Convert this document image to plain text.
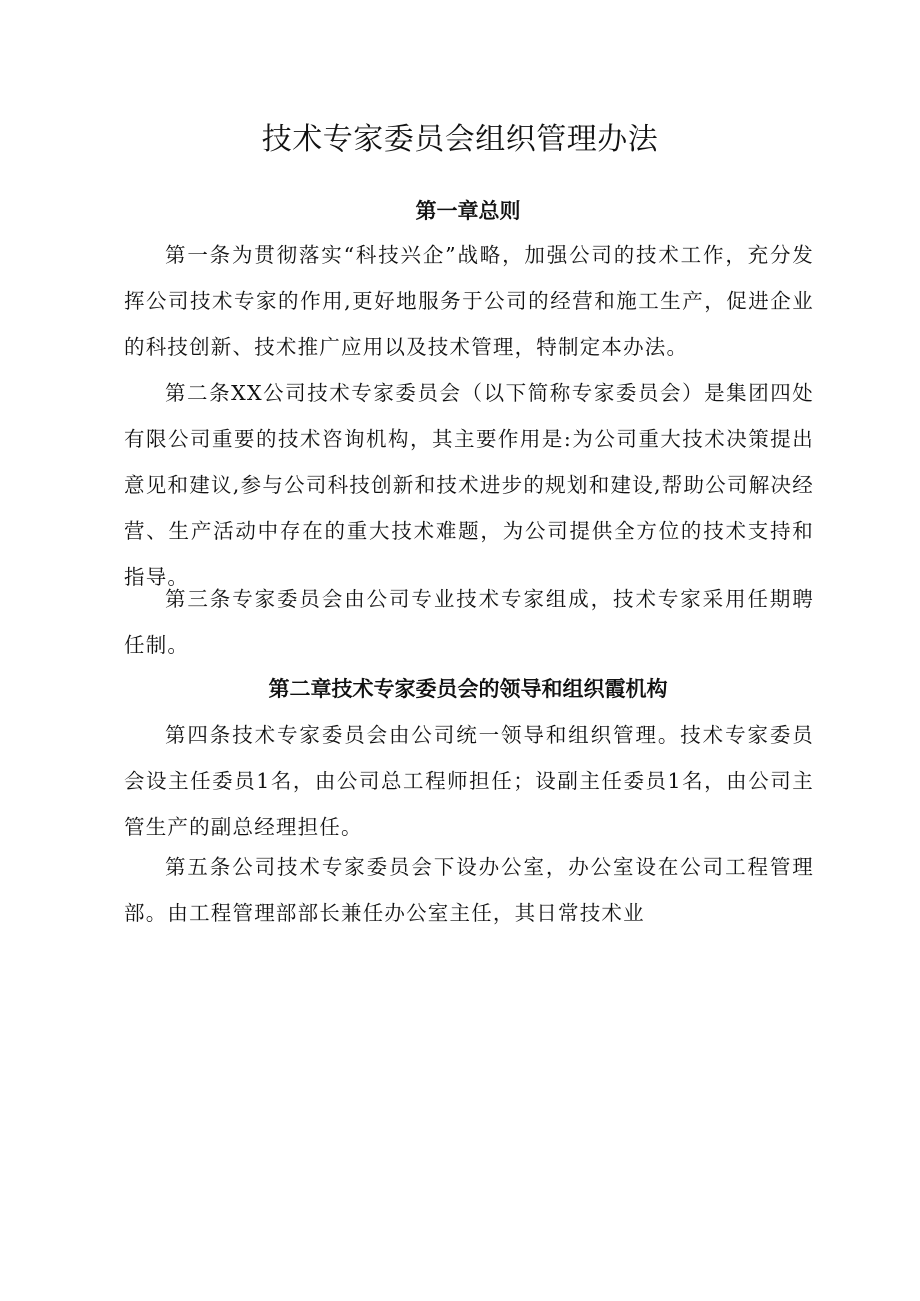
技术专家委员会组织管理办法
第一章总则

第一条为贯彻落实“科技兴企”战略，加强公司的技术工作，充分发挥公司技术专家的作用,更好地服务于公司的经营和施工生产，促进企业的科技创新、技术推广应用以及技术管理，特制定本办法。

第二条XX公司技术专家委员会（以下简称专家委员会）是集团四处有限公司重要的技术咨询机构，其主要作用是:为公司重大技术决策提出意见和建议,参与公司科技创新和技术进步的规划和建设,帮助公司解决经营、生产活动中存在的重大技术难题，为公司提供全方位的技术支持和指导。

第三条专家委员会由公司专业技术专家组成，技术专家采用任期聘任制。

第二章技术专家委员会的领导和组织霞机构

第四条技术专家委员会由公司统一领导和组织管理。技术专家委员会设主任委员1名，由公司总工程师担任；设副主任委员1名，由公司主管生产的副总经理担任。

第五条公司技术专家委员会下设办公室，办公室设在公司工程管理部。由工程管理部部长兼任办公室主任，其日常技术业
